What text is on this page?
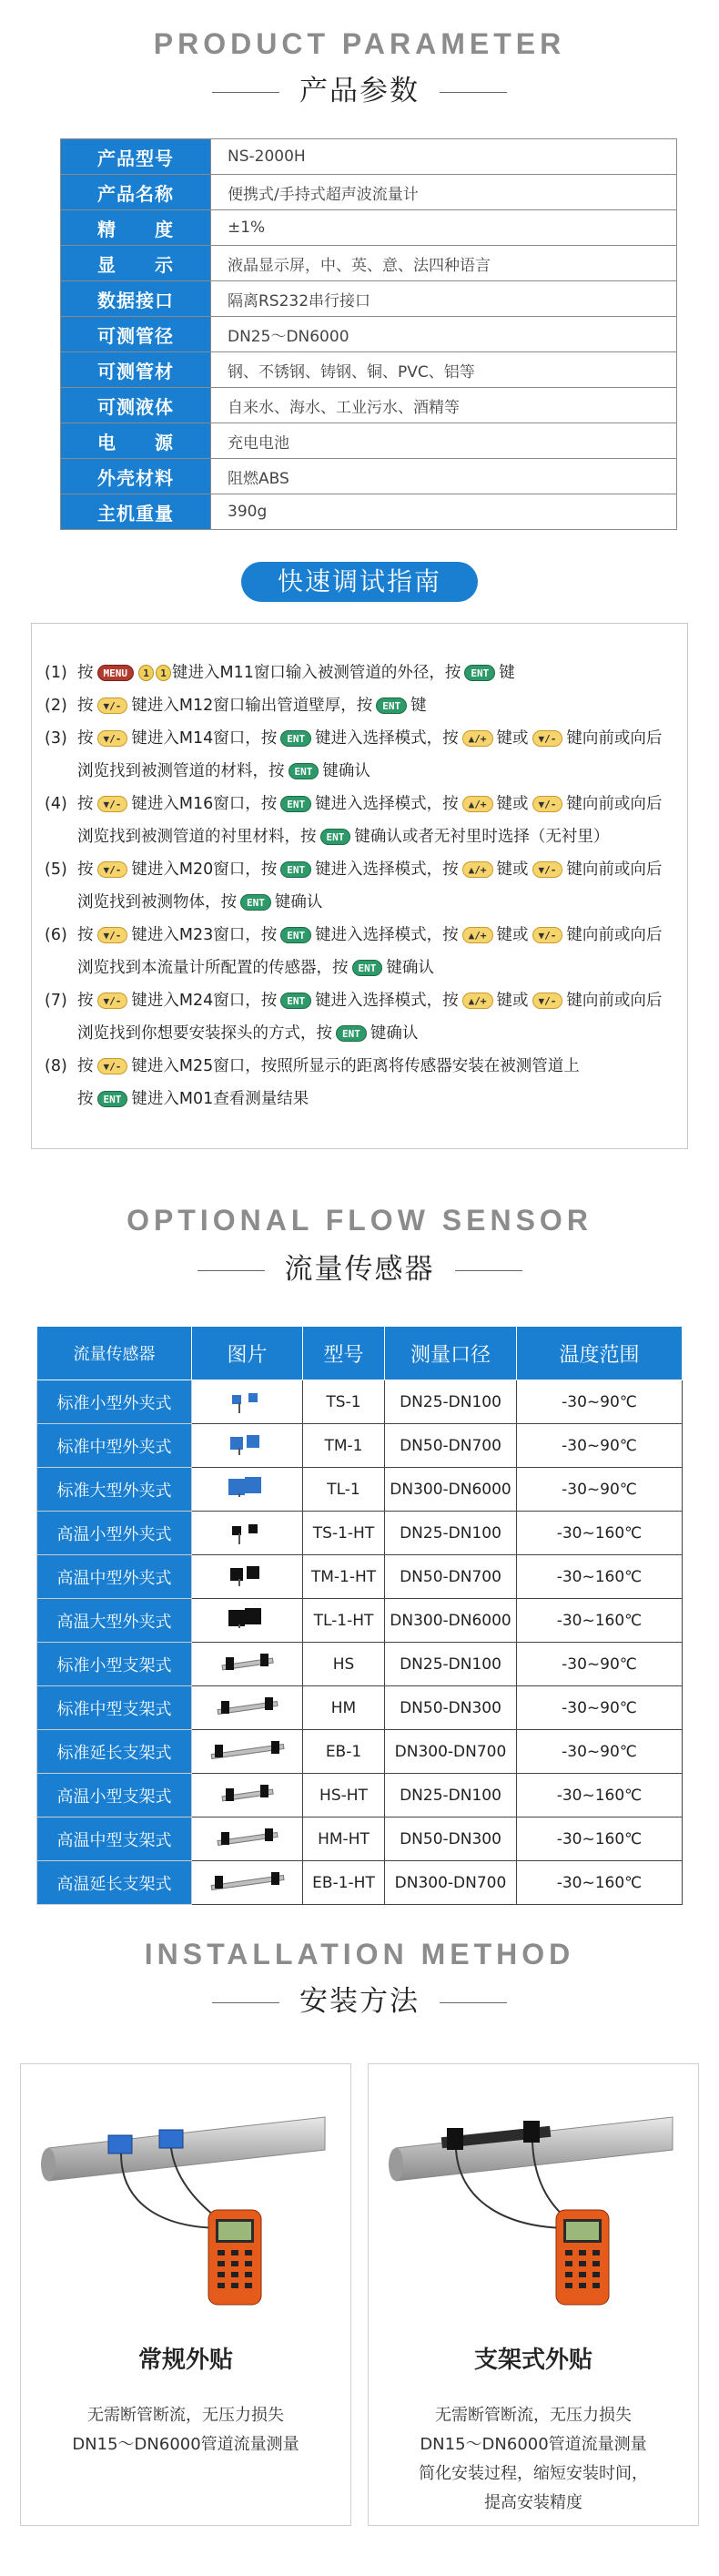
PRODUCT PARAMETER
产品参数
产品型号	NS-2000H
产品名称	便携式/手持式超声波流量计
精　　度	±1%
显　　示	液晶显示屏，中、英、意、法四种语言
数据接口	隔离RS232串行接口
可测管径	DN25～DN6000
可测管材	钢、不锈钢、铸钢、铜、PVC、铝等
可测液体	自来水、海水、工业污水、酒精等
电　　源	充电电池
外壳材料	阻燃ABS
主机重量	390g
快速调试指南
(1) 按 MENU 1 1 键进入M11窗口输入被测管道的外径，按 ENT 键
(2) 按 ▼/- 键进入M12窗口输出管道壁厚，按 ENT 键
(3) 按 ▼/- 键进入M14窗口，按 ENT 键进入选择模式，按 ▲/+ 键或 ▼/- 键向前或向后浏览找到被测管道的材料，按 ENT 键确认
(4) 按 ▼/- 键进入M16窗口，按 ENT 键进入选择模式，按 ▲/+ 键或 ▼/- 键向前或向后浏览找到被测管道的衬里材料，按 ENT 键确认或者无衬里时选择（无衬里）
(5) 按 ▼/- 键进入M20窗口，按 ENT 键进入选择模式，按 ▲/+ 键或 ▼/- 键向前或向后浏览找到被测物体，按 ENT 键确认
(6) 按 ▼/- 键进入M23窗口，按 ENT 键进入选择模式，按 ▲/+ 键或 ▼/- 键向前或向后浏览找到本流量计所配置的传感器，按 ENT 键确认
(7) 按 ▼/- 键进入M24窗口，按 ENT 键进入选择模式，按 ▲/+ 键或 ▼/- 键向前或向后浏览找到你想要安装探头的方式，按 ENT 键确认
(8) 按 ▼/- 键进入M25窗口，按照所显示的距离将传感器安装在被测管道上
按 ENT 键进入M01查看测量结果
OPTIONAL FLOW SENSOR
流量传感器
流量传感器	图片	型号	测量口径	温度范围
标准小型外夹式		TS-1	DN25-DN100	-30~90℃
标准中型外夹式		TM-1	DN50-DN700	-30~90℃
标准大型外夹式		TL-1	DN300-DN6000	-30~90℃
高温小型外夹式		TS-1-HT	DN25-DN100	-30~160℃
高温中型外夹式		TM-1-HT	DN50-DN700	-30~160℃
高温大型外夹式		TL-1-HT	DN300-DN6000	-30~160℃
标准小型支架式		HS	DN25-DN100	-30~90℃
标准中型支架式		HM	DN50-DN300	-30~90℃
标准延长支架式		EB-1	DN300-DN700	-30~90℃
高温小型支架式		HS-HT	DN25-DN100	-30~160℃
高温中型支架式		HM-HT	DN50-DN300	-30~160℃
高温延长支架式		EB-1-HT	DN300-DN700	-30~160℃
INSTALLATION METHOD
安装方法
常规外贴
无需断管断流，无压力损失
DN15～DN6000管道流量测量
支架式外贴
无需断管断流，无压力损失
DN15～DN6000管道流量测量
简化安装过程，缩短安装时间，
提高安装精度
